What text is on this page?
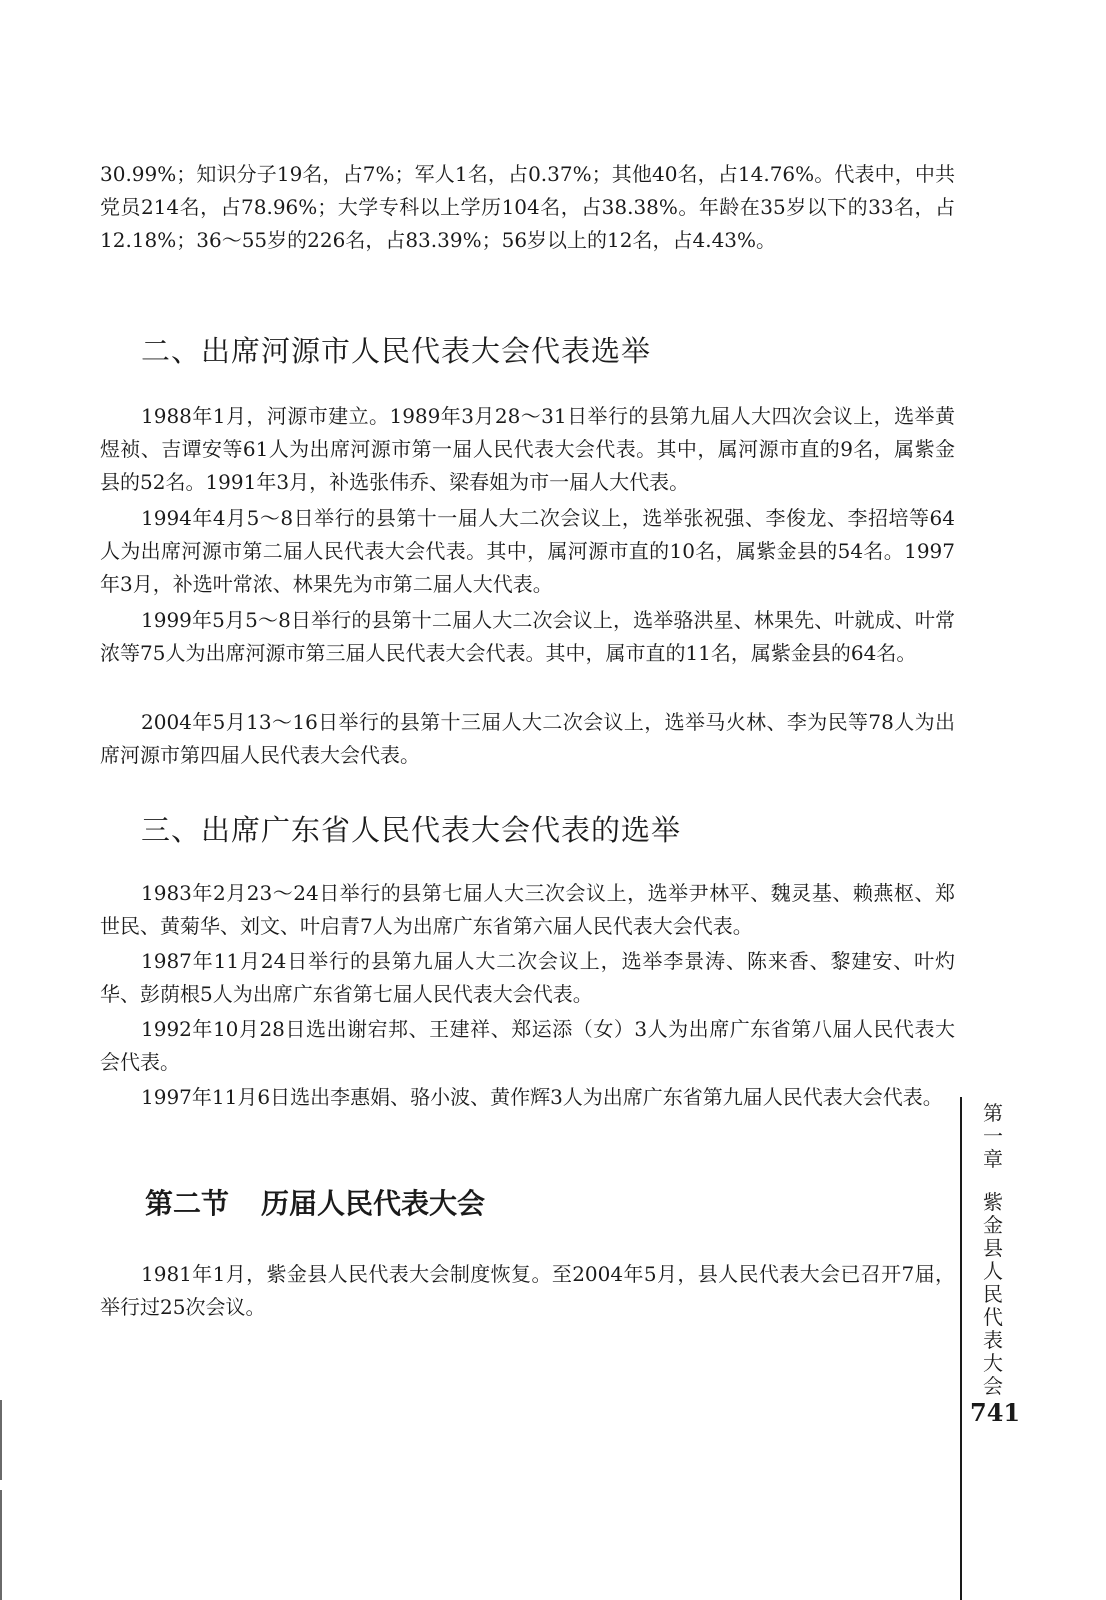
30.99%；知识分子19名，占7%；军人1名，占0.37%；其他40名，占14.76%。代表中，中共党员214名，占78.96%；大学专科以上学历104名，占38.38%。年龄在35岁以下的33名，占12.18%；36～55岁的226名，占83.39%；56岁以上的12名，占4.43%。

二、出席河源市人民代表大会代表选举

1988年1月，河源市建立。1989年3月28～31日举行的县第九届人大四次会议上，选举黄煜祯、吉谭安等61人为出席河源市第一届人民代表大会代表。其中，属河源市直的9名，属紫金县的52名。1991年3月，补选张伟乔、梁春姐为市一届人大代表。

1994年4月5～8日举行的县第十一届人大二次会议上，选举张祝强、李俊龙、李招培等64人为出席河源市第二届人民代表大会代表。其中，属河源市直的10名，属紫金县的54名。1997年3月，补选叶常浓、林果先为市第二届人大代表。

1999年5月5～8日举行的县第十二届人大二次会议上，选举骆洪星、林果先、叶就成、叶常浓等75人为出席河源市第三届人民代表大会代表。其中，属市直的11名，属紫金县的64名。

2004年5月13～16日举行的县第十三届人大二次会议上，选举马火林、李为民等78人为出席河源市第四届人民代表大会代表。

三、出席广东省人民代表大会代表的选举

1983年2月23～24日举行的县第七届人大三次会议上，选举尹林平、魏灵基、赖燕枢、郑世民、黄菊华、刘文、叶启青7人为出席广东省第六届人民代表大会代表。

1987年11月24日举行的县第九届人大二次会议上，选举李景涛、陈来香、黎建安、叶灼华、彭荫根5人为出席广东省第七届人民代表大会代表。

1992年10月28日选出谢宕邦、王建祥、郑运添（女）3人为出席广东省第八届人民代表大会代表。

1997年11月6日选出李惠娟、骆小波、黄作辉3人为出席广东省第九届人民代表大会代表。

第二节 历届人民代表大会

1981年1月，紫金县人民代表大会制度恢复。至2004年5月，县人民代表大会已召开7届，举行过25次会议。

第
一
章
紫
金
县
人
民
代
表
大
会
741
